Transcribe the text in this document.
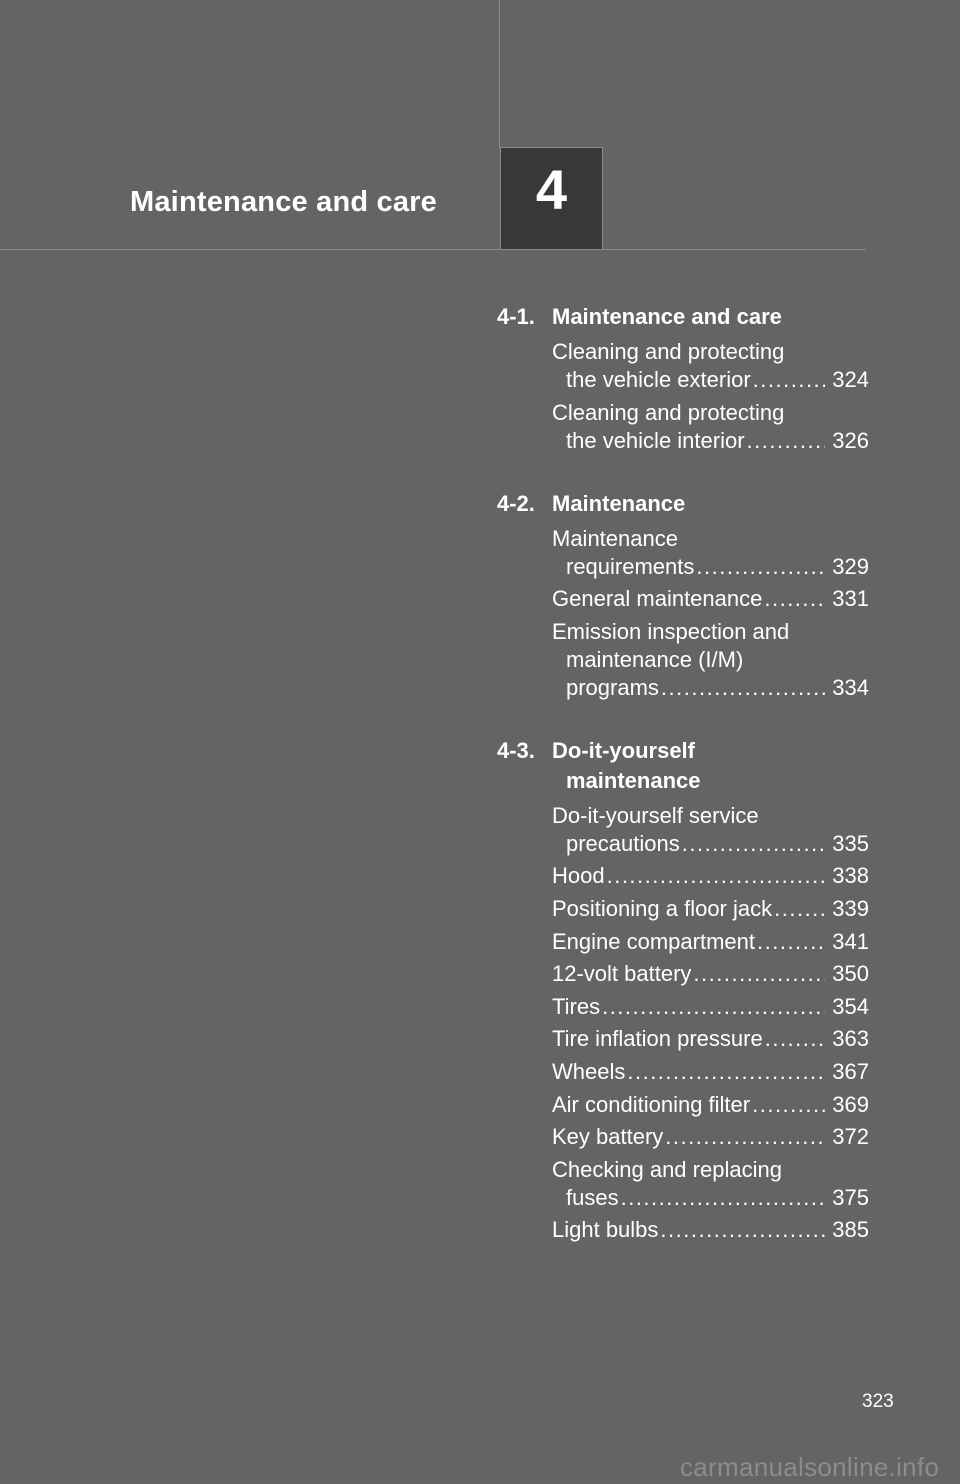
Maintenance and care	4
4-1. Maintenance and care
Cleaning and protecting
the vehicle exterior .....	324
Cleaning and protecting
the vehicle interior .....	326
4-2. Maintenance
Maintenance
requirements .....	329
General maintenance .....	331
Emission inspection and
maintenance (I/M)
programs .....	334
4-3. Do-it-yourself
maintenance
Do-it-yourself service
precautions .....	335
Hood .....	338
Positioning a floor jack .....	339
Engine compartment .....	341
12-volt battery .....	350
Tires .....	354
Tire inflation pressure .....	363
Wheels .....	367
Air conditioning filter .....	369
Key battery .....	372
Checking and replacing
fuses .....	375
Light bulbs .....	385
323
carmanualsonline.info
